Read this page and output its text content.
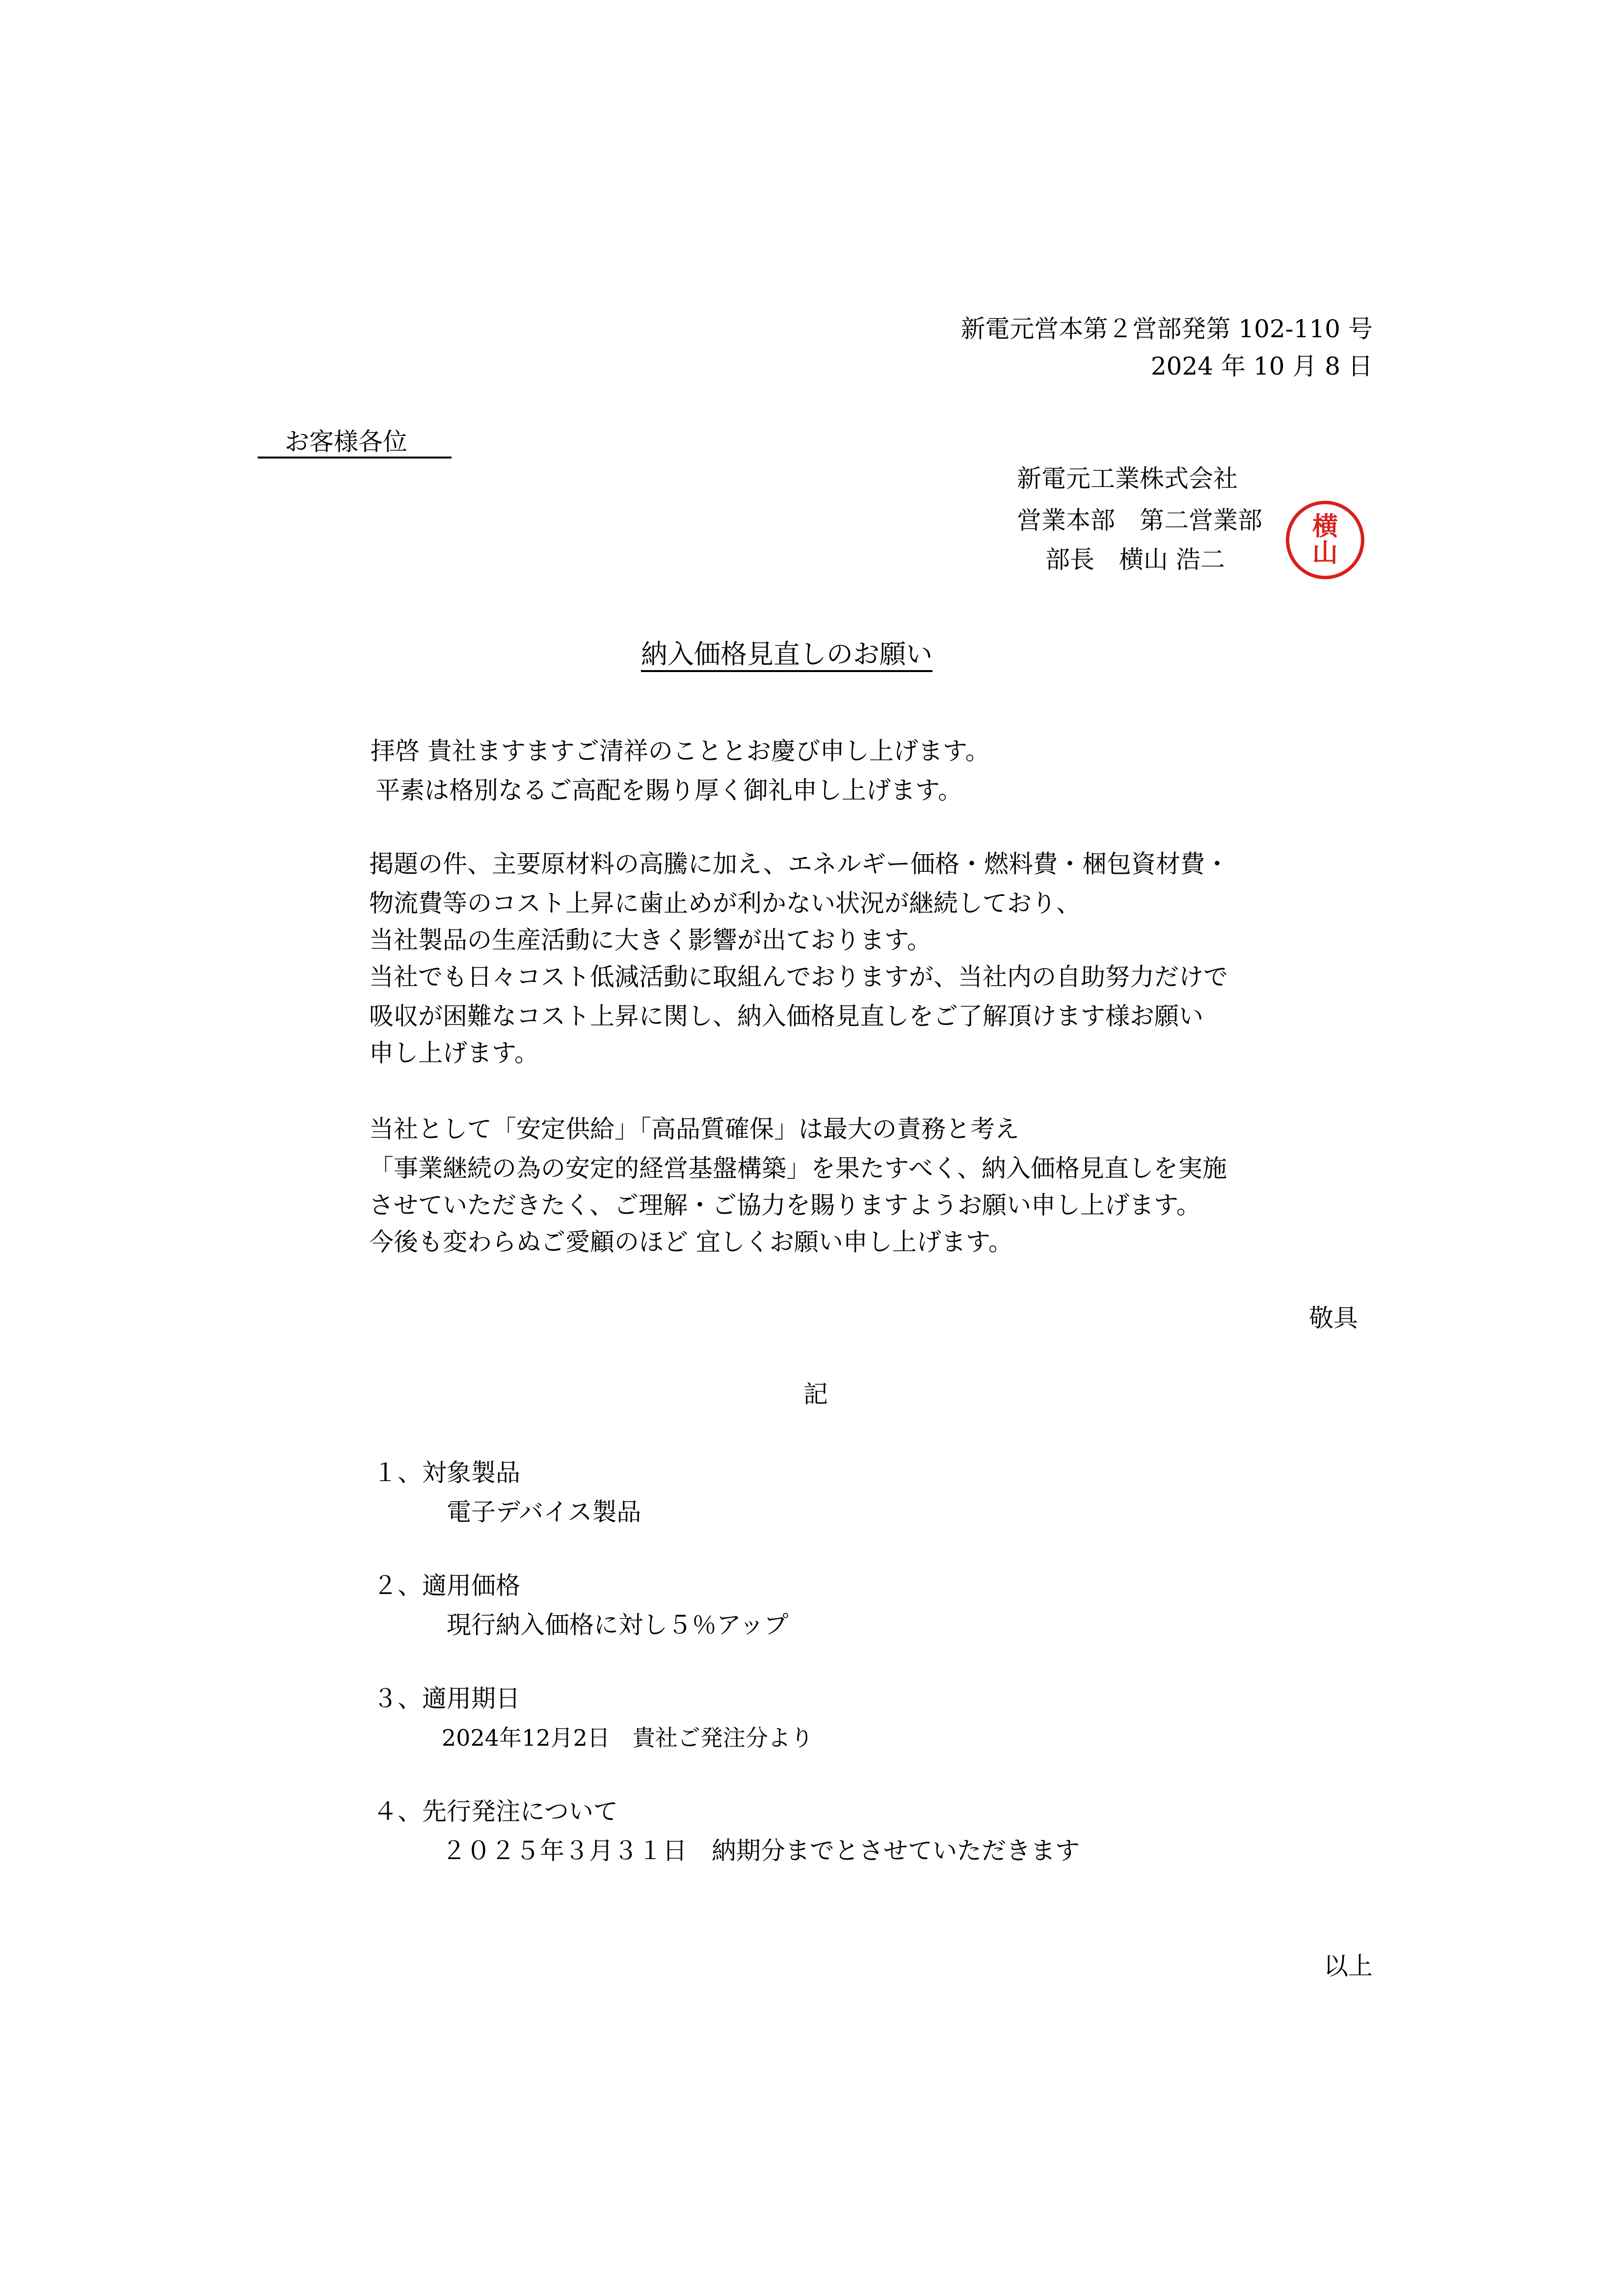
新電元営本第２営部発第 102-110 号
2024 年 10 月 8 日
お客様各位
新電元工業株式会社
営業本部　第二営業部
部長　横山 浩二
横
山
納入価格見直しのお願い
拝啓 貴社ますますご清祥のこととお慶び申し上げます。
平素は格別なるご高配を賜り厚く御礼申し上げます。
掲題の件、主要原材料の高騰に加え、エネルギー価格・燃料費・梱包資材費・
物流費等のコスト上昇に歯止めが利かない状況が継続しており、
当社製品の生産活動に大きく影響が出ております。
当社でも日々コスト低減活動に取組んでおりますが、当社内の自助努力だけで
吸収が困難なコスト上昇に関し、納入価格見直しをご了解頂けます様お願い
申し上げます。
当社として「安定供給」「高品質確保」は最大の責務と考え
「事業継続の為の安定的経営基盤構築」を果たすべく、納入価格見直しを実施
させていただきたく、ご理解・ご協力を賜りますようお願い申し上げます。
今後も変わらぬご愛顧のほど 宜しくお願い申し上げます。
敬具
記
１、対象製品
電子デバイス製品
２、適用価格
現行納入価格に対し５％アップ
３、適用期日
2024年12月2日　貴社ご発注分より
４、先行発注について
２０２５年３月３１日　納期分までとさせていただきます
以上
